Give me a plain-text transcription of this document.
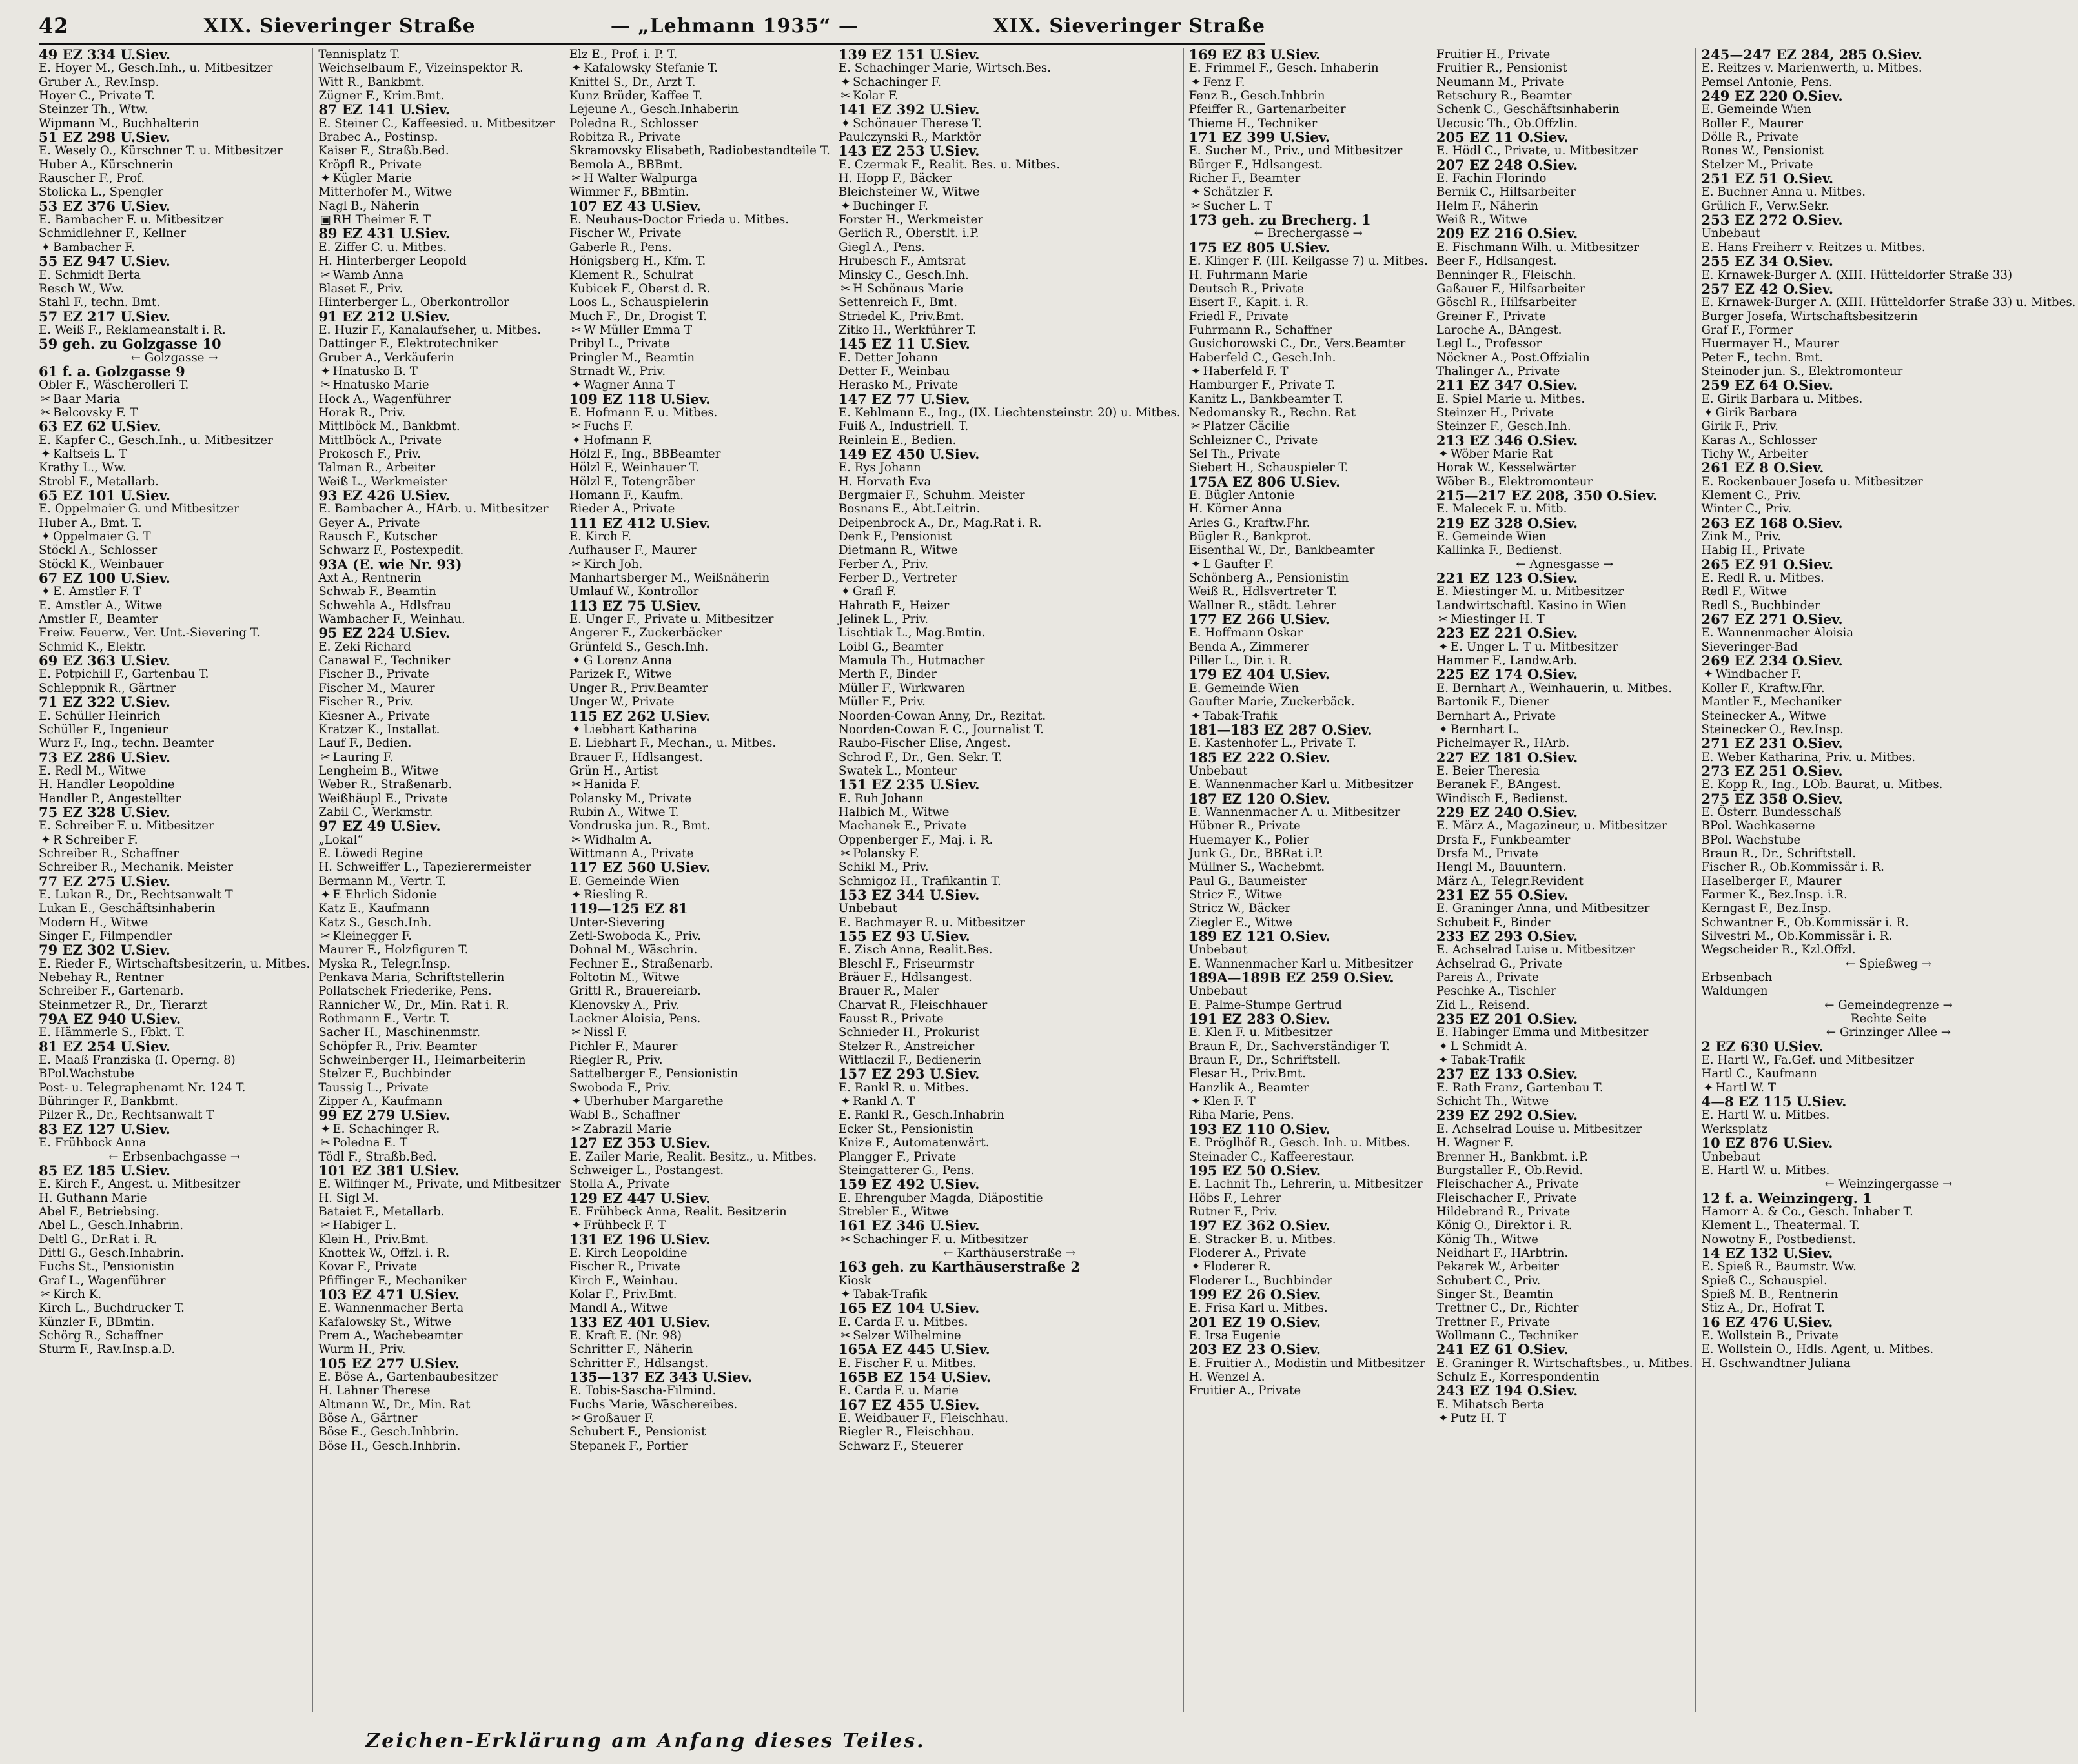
42	XIX. Sieveringer Straße	— „Lehmann 1935“ —	XIX. Sieveringer Straße
49 EZ 334 U.Siev.
E. Hoyer M., Gesch.Inh., u. Mitbesitzer
Gruber A., Rev.Insp.
Hoyer C., Private T.
Steinzer Th., Wtw.
Wipmann M., Buchhalterin
51 EZ 298 U.Siev.
E. Wesely O., Kürschner T. u. Mitbesitzer
Huber A., Kürschnerin
Rauscher F., Prof.
Stolicka L., Spengler
53 EZ 376 U.Siev.
E. Bambacher F. u. Mitbesitzer
Schmidlehner F., Kellner
✦ Bambacher F.
55 EZ 947 U.Siev.
E. Schmidt Berta
Resch W., Ww.
Stahl F., techn. Bmt.
57 EZ 217 U.Siev.
E. Weiß F., Reklameanstalt i. R.
59 geh. zu Golzgasse 10
← Golzgasse →
61 f. a. Golzgasse 9
Obler F., Wäscherolleri T.
✂ Baar Maria
✂ Belcovsky F. T
63 EZ 62 U.Siev.
E. Kapfer C., Gesch.Inh., u. Mitbesitzer
✦ Kaltseis L. T
Krathy L., Ww.
Strobl F., Metallarb.
65 EZ 101 U.Siev.
E. Oppelmaier G. und Mitbesitzer
Huber A., Bmt. T.
✦ Oppelmaier G. T
Stöckl A., Schlosser
Stöckl K., Weinbauer
67 EZ 100 U.Siev.
✦ E. Amstler F. T
E. Amstler A., Witwe
Amstler F., Beamter
Freiw. Feuerw., Ver. Unt.-Sievering T.
Schmid K., Elektr.
69 EZ 363 U.Siev.
E. Potpichill F., Gartenbau T.
Schleppnik R., Gärtner
71 EZ 322 U.Siev.
E. Schüller Heinrich
Schüller F., Ingenieur
Wurz F., Ing., techn. Beamter
73 EZ 286 U.Siev.
E. Redl M., Witwe
H. Handler Leopoldine
Handler P., Angestellter
75 EZ 328 U.Siev.
E. Schreiber F. u. Mitbesitzer
✦ R Schreiber F.
Schreiber R., Schaffner
Schreiber R., Mechanik. Meister
77 EZ 275 U.Siev.
E. Lukan R., Dr., Rechtsanwalt T
Lukan E., Geschäftsinhaberin
Modern H., Witwe
Singer F., Filmpendler
79 EZ 302 U.Siev.
E. Rieder F., Wirtschaftsbesitzerin, u. Mitbes.
Nebehay R., Rentner
Schreiber F., Gartenarb.
Steinmetzer R., Dr., Tierarzt
79A EZ 940 U.Siev.
E. Hämmerle S., Fbkt. T.
81 EZ 254 U.Siev.
E. Maaß Franziska (I. Operng. 8)
BPol.Wachstube
Post- u. Telegraphenamt Nr. 124 T.
Bühringer F., Bankbmt.
Pilzer R., Dr., Rechtsanwalt T
83 EZ 127 U.Siev.
E. Frühbock Anna
← Erbsenbachgasse →
85 EZ 185 U.Siev.
E. Kirch F., Angest. u. Mitbesitzer
H. Guthann Marie
Abel F., Betriebsing.
Abel L., Gesch.Inhabrin.
Deltl G., Dr.Rat i. R.
Dittl G., Gesch.Inhabrin.
Fuchs St., Pensionistin
Graf L., Wagenführer
✂ Kirch K.
Kirch L., Buchdrucker T.
Künzler F., BBmtin.
Schörg R., Schaffner
Sturm F., Rav.Insp.a.D.
Tennisplatz T.
Weichselbaum F., Vizeinspektor R.
Witt R., Bankbmt.
Zügner F., Krim.Bmt.
87 EZ 141 U.Siev.
E. Steiner C., Kaffeesied. u. Mitbesitzer
Brabec A., Postinsp.
Kaiser F., Straßb.Bed.
Kröpfl R., Private
✦ Kügler Marie
Mitterhofer M., Witwe
Nagl B., Näherin
▣ RH Theimer F. T
89 EZ 431 U.Siev.
E. Ziffer C. u. Mitbes.
H. Hinterberger Leopold
✂ Wamb Anna
Blaset F., Priv.
Hinterberger L., Oberkontrollor
91 EZ 212 U.Siev.
E. Huzir F., Kanalaufseher, u. Mitbes.
Dattinger F., Elektrotechniker
Gruber A., Verkäuferin
✦ Hnatusko B. T
✂ Hnatusko Marie
Hock A., Wagenführer
Horak R., Priv.
Mittlböck M., Bankbmt.
Mittlböck A., Private
Prokosch F., Priv.
Talman R., Arbeiter
Weiß L., Werkmeister
93 EZ 426 U.Siev.
E. Bambacher A., HArb. u. Mitbesitzer
Geyer A., Private
Rausch F., Kutscher
Schwarz F., Postexpedit.
93A (E. wie Nr. 93)
Axt A., Rentnerin
Schwab F., Beamtin
Schwehla A., Hdlsfrau
Wambacher F., Weinhau.
95 EZ 224 U.Siev.
E. Zeki Richard
Canawal F., Techniker
Fischer B., Private
Fischer M., Maurer
Fischer R., Priv.
Kiesner A., Private
Kratzer K., Installat.
Lauf F., Bedien.
✂ Lauring F.
Lengheim B., Witwe
Weber R., Straßenarb.
Weißhäupl E., Private
Zabil C., Werkmstr.
97 EZ 49 U.Siev.
„Lokal“
E. Löwedi Regine
H. Schweiffer L., Tapezierermeister
Bermann M., Vertr. T.
✦ E Ehrlich Sidonie
Katz E., Kaufmann
Katz S., Gesch.Inh.
✂ Kleinegger F.
Maurer F., Holzfiguren T.
Myska R., Telegr.Insp.
Penkava Maria, Schriftstellerin
Pollatschek Friederike, Pens.
Rannicher W., Dr., Min. Rat i. R.
Rothmann E., Vertr. T.
Sacher H., Maschinenmstr.
Schöpfer R., Priv. Beamter
Schweinberger H., Heimarbeiterin
Stelzer F., Buchbinder
Taussig L., Private
Zipper A., Kaufmann
99 EZ 279 U.Siev.
✦ E. Schachinger R.
✂ Poledna E. T
Tödl F., Straßb.Bed.
101 EZ 381 U.Siev.
E. Wilfinger M., Private, und Mitbesitzer
H. Sigl M.
Bataiet F., Metallarb.
✂ Habiger L.
Klein H., Priv.Bmt.
Knottek W., Offzl. i. R.
Kovar F., Private
Pfiffinger F., Mechaniker
103 EZ 471 U.Siev.
E. Wannenmacher Berta
Kafalowsky St., Witwe
Prem A., Wachebeamter
Wurm H., Priv.
105 EZ 277 U.Siev.
E. Böse A., Gartenbaubesitzer
H. Lahner Therese
Altmann W., Dr., Min. Rat
Böse A., Gärtner
Böse E., Gesch.Inhbrin.
Böse H., Gesch.Inhbrin.
Elz E., Prof. i. P. T.
✦ Kafalowsky Stefanie T.
Knittel S., Dr., Arzt T.
Kunz Brüder, Kaffee T.
Lejeune A., Gesch.Inhaberin
Poledna R., Schlosser
Robitza R., Private
Skramovsky Elisabeth, Radiobestandteile T.
Bemola A., BBBmt.
✂ H Walter Walpurga
Wimmer F., BBmtin.
107 EZ 43 U.Siev.
E. Neuhaus-Doctor Frieda u. Mitbes.
Fischer W., Private
Gaberle R., Pens.
Hönigsberg H., Kfm. T.
Klement R., Schulrat
Kubicek F., Oberst d. R.
Loos L., Schauspielerin
Much F., Dr., Drogist T.
✂ W Müller Emma T
Pribyl L., Private
Pringler M., Beamtin
Strnadt W., Priv.
✦ Wagner Anna T
109 EZ 118 U.Siev.
E. Hofmann F. u. Mitbes.
✂ Fuchs F.
✦ Hofmann F.
Hölzl F., Ing., BBBeamter
Hölzl F., Weinhauer T.
Hölzl F., Totengräber
Homann F., Kaufm.
Rieder A., Private
111 EZ 412 U.Siev.
E. Kirch F.
Aufhauser F., Maurer
✂ Kirch Joh.
Manhartsberger M., Weißnäherin
Umlauf W., Kontrollor
113 EZ 75 U.Siev.
E. Unger F., Private u. Mitbesitzer
Angerer F., Zuckerbäcker
Grünfeld S., Gesch.Inh.
✦ G Lorenz Anna
Parizek F., Witwe
Unger R., Priv.Beamter
Unger W., Private
115 EZ 262 U.Siev.
✦ Liebhart Katharina
E. Liebhart F., Mechan., u. Mitbes.
Brauer F., Hdlsangest.
Grün H., Artist
✂ Hanida F.
Polansky M., Private
Rubin A., Witwe T.
Vondruska jun. R., Bmt.
✂ Widhalm A.
Wittmann A., Private
117 EZ 560 U.Siev.
E. Gemeinde Wien
✦ Riesling R.
119—125 EZ 81
Unter-Sievering
Zetl-Swoboda K., Priv.
Dohnal M., Wäschrin.
Fechner E., Straßenarb.
Foltotin M., Witwe
Grittl R., Brauereiarb.
Klenovsky A., Priv.
Lackner Aloisia, Pens.
✂ Nissl F.
Pichler F., Maurer
Riegler R., Priv.
Sattelberger F., Pensionistin
Swoboda F., Priv.
✦ Uberhuber Margarethe
Wabl B., Schaffner
✂ Zabrazil Marie
127 EZ 353 U.Siev.
E. Zailer Marie, Realit. Besitz., u. Mitbes.
Schweiger L., Postangest.
Stolla A., Private
129 EZ 447 U.Siev.
E. Frühbeck Anna, Realit. Besitzerin
✦ Frühbeck F. T
131 EZ 196 U.Siev.
E. Kirch Leopoldine
Fischer R., Private
Kirch F., Weinhau.
Kolar F., Priv.Bmt.
Mandl A., Witwe
133 EZ 401 U.Siev.
E. Kraft E. (Nr. 98)
Schritter F., Näherin
Schritter F., Hdlsangst.
135—137 EZ 343 U.Siev.
E. Tobis-Sascha-Filmind.
Fuchs Marie, Wäschereibes.
✂ Großauer F.
Schubert F., Pensionist
Stepanek F., Portier
139 EZ 151 U.Siev.
E. Schachinger Marie, Wirtsch.Bes.
✦ Schachinger F.
✂ Kolar F.
141 EZ 392 U.Siev.
✦ Schönauer Therese T.
Paulczynski R., Marktör
143 EZ 253 U.Siev.
E. Czermak F., Realit. Bes. u. Mitbes.
H. Hopp F., Bäcker
Bleichsteiner W., Witwe
✦ Buchinger F.
Forster H., Werkmeister
Gerlich R., Oberstlt. i.P.
Giegl A., Pens.
Hrubesch F., Amtsrat
Minsky C., Gesch.Inh.
✂ H Schönaus Marie
Settenreich F., Bmt.
Striedel K., Priv.Bmt.
Zitko H., Werkführer T.
145 EZ 11 U.Siev.
E. Detter Johann
Detter F., Weinbau
Herasko M., Private
147 EZ 77 U.Siev.
E. Kehlmann E., Ing., (IX. Liechtensteinstr. 20) u. Mitbes.
Fuiß A., Industriell. T.
Reinlein E., Bedien.
149 EZ 450 U.Siev.
E. Rys Johann
H. Horvath Eva
Bergmaier F., Schuhm. Meister
Bosnans E., Abt.Leitrin.
Deipenbrock A., Dr., Mag.Rat i. R.
Denk F., Pensionist
Dietmann R., Witwe
Ferber A., Priv.
Ferber D., Vertreter
✦ Grafl F.
Hahrath F., Heizer
Jelinek L., Priv.
Lischtiak L., Mag.Bmtin.
Loibl G., Beamter
Mamula Th., Hutmacher
Merth F., Binder
Müller F., Wirkwaren
Müller F., Priv.
Noorden-Cowan Anny, Dr., Rezitat.
Noorden-Cowan F. C., Journalist T.
Raubo-Fischer Elise, Angest.
Schrod F., Dr., Gen. Sekr. T.
Swatek L., Monteur
151 EZ 235 U.Siev.
E. Ruh Johann
Halbich M., Witwe
Machanek E., Private
Oppenberger F., Maj. i. R.
✂ Polansky F.
Schikl M., Priv.
Schmigoz H., Trafikantin T.
153 EZ 344 U.Siev.
Unbebaut
E. Bachmayer R. u. Mitbesitzer
155 EZ 93 U.Siev.
E. Zisch Anna, Realit.Bes.
Bleschl F., Friseurmstr
Bräuer F., Hdlsangest.
Brauer R., Maler
Charvat R., Fleischhauer
Fausst R., Private
Schnieder H., Prokurist
Stelzer R., Anstreicher
Wittlaczil F., Bedienerin
157 EZ 293 U.Siev.
E. Rankl R. u. Mitbes.
✦ Rankl A. T
E. Rankl R., Gesch.Inhabrin
Ecker St., Pensionistin
Knize F., Automatenwärt.
Plangger F., Private
Steingatterer G., Pens.
159 EZ 492 U.Siev.
E. Ehrenguber Magda, Diäpostitie
Strebler E., Witwe
161 EZ 346 U.Siev.
✂ Schachinger F. u. Mitbesitzer
← Karthäuserstraße →
163 geh. zu Karthäuserstraße 2
Kiosk
✦ Tabak-Trafik
165 EZ 104 U.Siev.
E. Carda F. u. Mitbes.
✂ Selzer Wilhelmine
165A EZ 445 U.Siev.
E. Fischer F. u. Mitbes.
165B EZ 154 U.Siev.
E. Carda F. u. Marie
167 EZ 455 U.Siev.
E. Weidbauer F., Fleischhau.
Riegler R., Fleischhau.
Schwarz F., Steuerer
169 EZ 83 U.Siev.
E. Frimmel F., Gesch. Inhaberin
✦ Fenz F.
Fenz B., Gesch.Inhbrin
Pfeiffer R., Gartenarbeiter
Thieme H., Techniker
171 EZ 399 U.Siev.
E. Sucher M., Priv., und Mitbesitzer
Bürger F., Hdlsangest.
Richer F., Beamter
✦ Schätzler F.
✂ Sucher L. T
173 geh. zu Brecherg. 1
← Brechergasse →
175 EZ 805 U.Siev.
E. Klinger F. (III. Keilgasse 7) u. Mitbes.
H. Fuhrmann Marie
Deutsch R., Private
Eisert F., Kapit. i. R.
Friedl F., Private
Fuhrmann R., Schaffner
Gusichorowski C., Dr., Vers.Beamter
Haberfeld C., Gesch.Inh.
✦ Haberfeld F. T
Hamburger F., Private T.
Kanitz L., Bankbeamter T.
Nedomansky R., Rechn. Rat
✂ Platzer Cäcilie
Schleizner C., Private
Sel Th., Private
Siebert H., Schauspieler T.
175A EZ 806 U.Siev.
E. Bügler Antonie
H. Körner Anna
Arles G., Kraftw.Fhr.
Bügler R., Bankprot.
Eisenthal W., Dr., Bankbeamter
✦ L Gaufter F.
Schönberg A., Pensionistin
Weiß R., Hdlsvertreter T.
Wallner R., städt. Lehrer
177 EZ 266 U.Siev.
E. Hoffmann Oskar
Benda A., Zimmerer
Piller L., Dir. i. R.
179 EZ 404 U.Siev.
E. Gemeinde Wien
Gaufter Marie, Zuckerbäck.
✦ Tabak-Trafik
181—183 EZ 287 O.Siev.
E. Kastenhofer L., Private T.
185 EZ 222 O.Siev.
Unbebaut
E. Wannenmacher Karl u. Mitbesitzer
187 EZ 120 O.Siev.
E. Wannenmacher A. u. Mitbesitzer
Hübner R., Private
Huemayer K., Polier
Junk G., Dr., BBRat i.P.
Müllner S., Wachebmt.
Paul G., Baumeister
Stricz F., Witwe
Stricz W., Bäcker
Ziegler E., Witwe
189 EZ 121 O.Siev.
Unbebaut
E. Wannenmacher Karl u. Mitbesitzer
189A—189B EZ 259 O.Siev.
Unbebaut
E. Palme-Stumpe Gertrud
191 EZ 283 O.Siev.
E. Klen F. u. Mitbesitzer
Braun F., Dr., Sachverständiger T.
Braun F., Dr., Schriftstell.
Flesar H., Priv.Bmt.
Hanzlik A., Beamter
✦ Klen F. T
Riha Marie, Pens.
193 EZ 110 O.Siev.
E. Pröglhöf R., Gesch. Inh. u. Mitbes.
Steinader C., Kaffeerestaur.
195 EZ 50 O.Siev.
E. Lachnit Th., Lehrerin, u. Mitbesitzer
Höbs F., Lehrer
Rutner F., Priv.
197 EZ 362 O.Siev.
E. Stracker B. u. Mitbes.
Floderer A., Private
✦ Floderer R.
Floderer L., Buchbinder
199 EZ 26 O.Siev.
E. Frisa Karl u. Mitbes.
201 EZ 19 O.Siev.
E. Irsa Eugenie
203 EZ 23 O.Siev.
E. Fruitier A., Modistin und Mitbesitzer
H. Wenzel A.
Fruitier A., Private
Fruitier H., Private
Fruitier R., Pensionist
Neumann M., Private
Retschury R., Beamter
Schenk C., Geschäftsinhaberin
Uecusic Th., Ob.Offzlin.
205 EZ 11 O.Siev.
E. Hödl C., Private, u. Mitbesitzer
207 EZ 248 O.Siev.
E. Fachin Florindo
Bernik C., Hilfsarbeiter
Helm F., Näherin
Weiß R., Witwe
209 EZ 216 O.Siev.
E. Fischmann Wilh. u. Mitbesitzer
Beer F., Hdlsangest.
Benninger R., Fleischh.
Gaßauer F., Hilfsarbeiter
Göschl R., Hilfsarbeiter
Greiner F., Private
Laroche A., BAngest.
Legl L., Professor
Nöckner A., Post.Offzialin
Thalinger A., Private
211 EZ 347 O.Siev.
E. Spiel Marie u. Mitbes.
Steinzer H., Private
Steinzer F., Gesch.Inh.
213 EZ 346 O.Siev.
✦ Wöber Marie Rat
Horak W., Kesselwärter
Wöber B., Elektromonteur
215—217 EZ 208, 350 O.Siev.
E. Malecek F. u. Mitb.
219 EZ 328 O.Siev.
E. Gemeinde Wien
Kallinka F., Bedienst.
← Agnesgasse →
221 EZ 123 O.Siev.
E. Miestinger M. u. Mitbesitzer
Landwirtschaftl. Kasino in Wien
✂ Miestinger H. T
223 EZ 221 O.Siev.
✦ E. Unger L. T u. Mitbesitzer
Hammer F., Landw.Arb.
225 EZ 174 O.Siev.
E. Bernhart A., Weinhauerin, u. Mitbes.
Bartonik F., Diener
Bernhart A., Private
✦ Bernhart L.
Pichelmayer R., HArb.
227 EZ 181 O.Siev.
E. Beier Theresia
Beranek F., BAngest.
Windisch F., Bedienst.
229 EZ 240 O.Siev.
E. März A., Magazineur, u. Mitbesitzer
Drsfa F., Funkbeamter
Drsfa M., Private
Hengl M., Bauuntern.
März A., Telegr.Revident
231 EZ 55 O.Siev.
E. Graninger Anna, und Mitbesitzer
Schubeit F., Binder
233 EZ 293 O.Siev.
E. Achselrad Luise u. Mitbesitzer
Achselrad G., Private
Pareis A., Private
Peschke A., Tischler
Zid L., Reisend.
235 EZ 201 O.Siev.
E. Habinger Emma und Mitbesitzer
✦ L Schmidt A.
✦ Tabak-Trafik
237 EZ 133 O.Siev.
E. Rath Franz, Gartenbau T.
Schicht Th., Witwe
239 EZ 292 O.Siev.
E. Achselrad Louise u. Mitbesitzer
H. Wagner F.
Brenner H., Bankbmt. i.P.
Burgstaller F., Ob.Revid.
Fleischacher A., Private
Fleischacher F., Private
Hildebrand R., Private
König O., Direktor i. R.
König Th., Witwe
Neidhart F., HArbtrin.
Pekarek W., Arbeiter
Schubert C., Priv.
Singer St., Beamtin
Trettner C., Dr., Richter
Trettner F., Private
Wollmann C., Techniker
241 EZ 61 O.Siev.
E. Graninger R. Wirtschaftsbes., u. Mitbes.
Schulz E., Korrespondentin
243 EZ 194 O.Siev.
E. Mihatsch Berta
✦ Putz H. T
245—247 EZ 284, 285 O.Siev.
E. Reitzes v. Marienwerth, u. Mitbes.
Pemsel Antonie, Pens.
249 EZ 220 O.Siev.
E. Gemeinde Wien
Boller F., Maurer
Dölle R., Private
Rones W., Pensionist
Stelzer M., Private
251 EZ 51 O.Siev.
E. Buchner Anna u. Mitbes.
Grülich F., Verw.Sekr.
253 EZ 272 O.Siev.
Unbebaut
E. Hans Freiherr v. Reitzes u. Mitbes.
255 EZ 34 O.Siev.
E. Krnawek-Burger A. (XIII. Hütteldorfer Straße 33)
257 EZ 42 O.Siev.
E. Krnawek-Burger A. (XIII. Hütteldorfer Straße 33) u. Mitbes.
Burger Josefa, Wirtschaftsbesitzerin
Graf F., Former
Huermayer H., Maurer
Peter F., techn. Bmt.
Steinoder jun. S., Elektromonteur
259 EZ 64 O.Siev.
E. Girik Barbara u. Mitbes.
✦ Girik Barbara
Girik F., Priv.
Karas A., Schlosser
Tichy W., Arbeiter
261 EZ 8 O.Siev.
E. Rockenbauer Josefa u. Mitbesitzer
Klement C., Priv.
Winter C., Priv.
263 EZ 168 O.Siev.
Zink M., Priv.
Habig H., Private
265 EZ 91 O.Siev.
E. Redl R. u. Mitbes.
Redl F., Witwe
Redl S., Buchbinder
267 EZ 271 O.Siev.
E. Wannenmacher Aloisia
Sieveringer-Bad
269 EZ 234 O.Siev.
✦ Windbacher F.
Koller F., Kraftw.Fhr.
Mantler F., Mechaniker
Steinecker A., Witwe
Steinecker O., Rev.Insp.
271 EZ 231 O.Siev.
E. Weber Katharina, Priv. u. Mitbes.
273 EZ 251 O.Siev.
E. Kopp R., Ing., LOb. Baurat, u. Mitbes.
275 EZ 358 O.Siev.
E. Österr. Bundesschaß
BPol. Wachkaserne
BPol. Wachstube
Braun R., Dr., Schriftstell.
Fischer R., Ob.Kommissär i. R.
Haselberger F., Maurer
Farmer K., Bez.Insp. i.R.
Kerngast F., Bez.Insp.
Schwantner F., Ob.Kommissär i. R.
Silvestri M., Ob.Kommissär i. R.
Wegscheider R., Kzl.Offzl.
← Spießweg →
Erbsenbach
Waldungen
← Gemeindegrenze →
Rechte Seite
← Grinzinger Allee →
2 EZ 630 U.Siev.
E. Hartl W., Fa.Gef. und Mitbesitzer
Hartl C., Kaufmann
✦ Hartl W. T
4—8 EZ 115 U.Siev.
E. Hartl W. u. Mitbes.
Werksplatz
10 EZ 876 U.Siev.
Unbebaut
E. Hartl W. u. Mitbes.
← Weinzingergasse →
12 f. a. Weinzingerg. 1
Hamorr A. & Co., Gesch. Inhaber T.
Klement L., Theatermal. T.
Nowotny F., Postbedienst.
14 EZ 132 U.Siev.
E. Spieß R., Baumstr. Ww.
Spieß C., Schauspiel.
Spieß M. B., Rentnerin
Stiz A., Dr., Hofrat T.
16 EZ 476 U.Siev.
E. Wollstein B., Private
E. Wollstein O., Hdls. Agent, u. Mitbes.
H. Gschwandtner Juliana
Zeichen-Erklärung am Anfang dieses Teiles.
